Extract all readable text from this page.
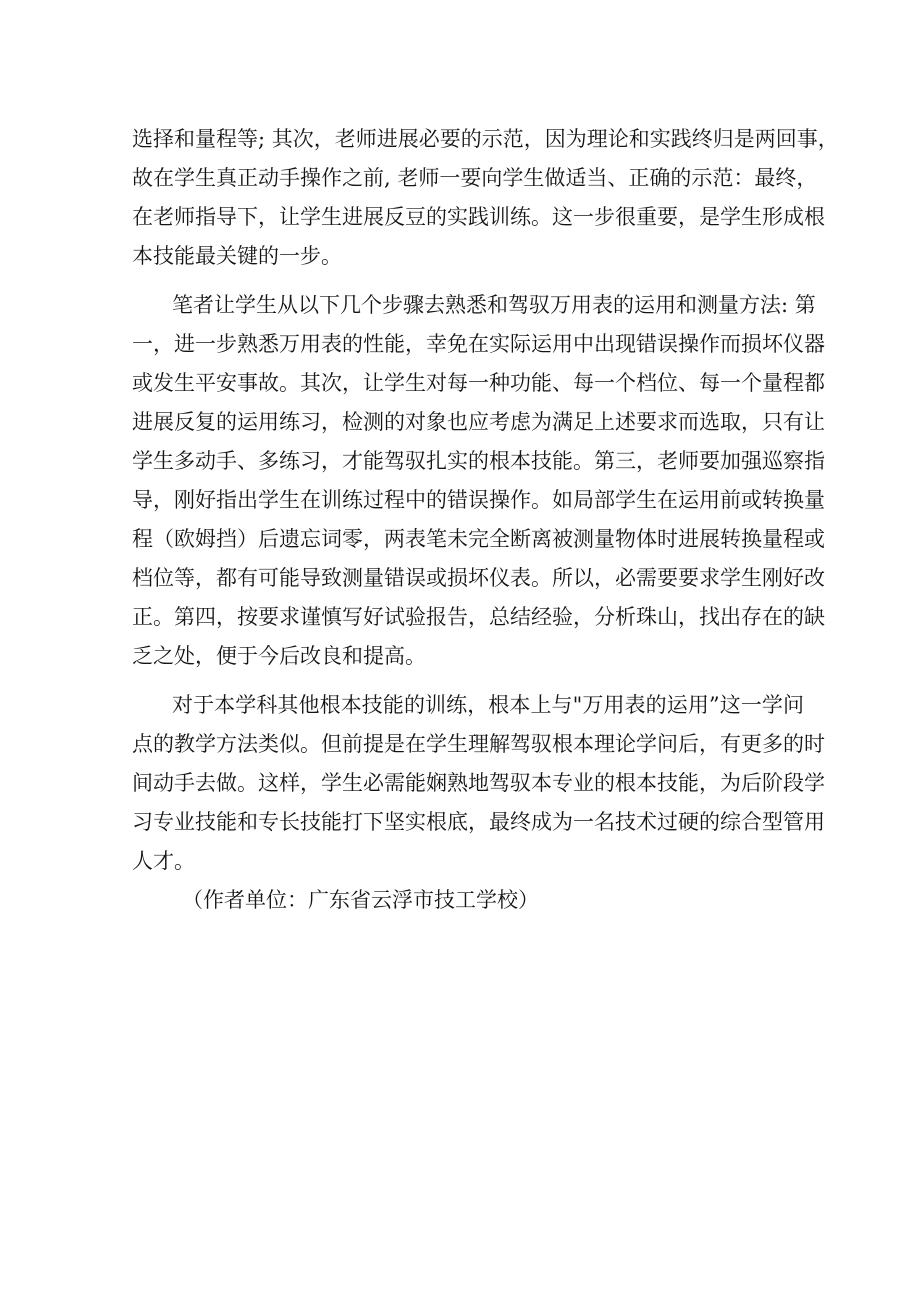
选择和量程等; 其次，老师进展必要的示范，因为理论和实践终归是两回事，
故在学生真正动手操作之前, 老师一要向学生做适当、正确的示范：最终，
在老师指导下，让学生进展反豆的实践训练。这一步很重要，是学生形成根
本技能最关键的一步。
笔者让学生从以下几个步骤去熟悉和驾驭万用表的运用和测量方法: 第
一，进一步熟悉万用表的性能，幸免在实际运用中出现错误操作而损坏仪器
或发生平安事故。其次，让学生对每一种功能、每一个档位、每一个量程都
进展反复的运用练习，检测的对象也应考虑为满足上述要求而选取，只有让
学生多动手、多练习，才能驾驭扎实的根本技能。第三，老师要加强巡察指
导，刚好指出学生在训练过程中的错误操作。如局部学生在运用前或转换量
程（欧姆挡）后遗忘词零，两表笔未完全断离被测量物体时进展转换量程或
档位等，都有可能导致测量错误或损坏仪表。所以，必需要要求学生刚好改
正。第四，按要求谨慎写好试验报告，总结经验，分析珠山，找出存在的缺
乏之处，便于今后改良和提高。
对于本学科其他根本技能的训练，根本上与"万用表的运用”这一学问
点的教学方法类似。但前提是在学生理解驾驭根本理论学问后，有更多的时
间动手去做。这样，学生必需能娴熟地驾驭本专业的根本技能，为后阶段学
习专业技能和专长技能打下坚实根底，最终成为一名技术过硬的综合型管用
人才。
（作者单位：广东省云浮市技工学校）
